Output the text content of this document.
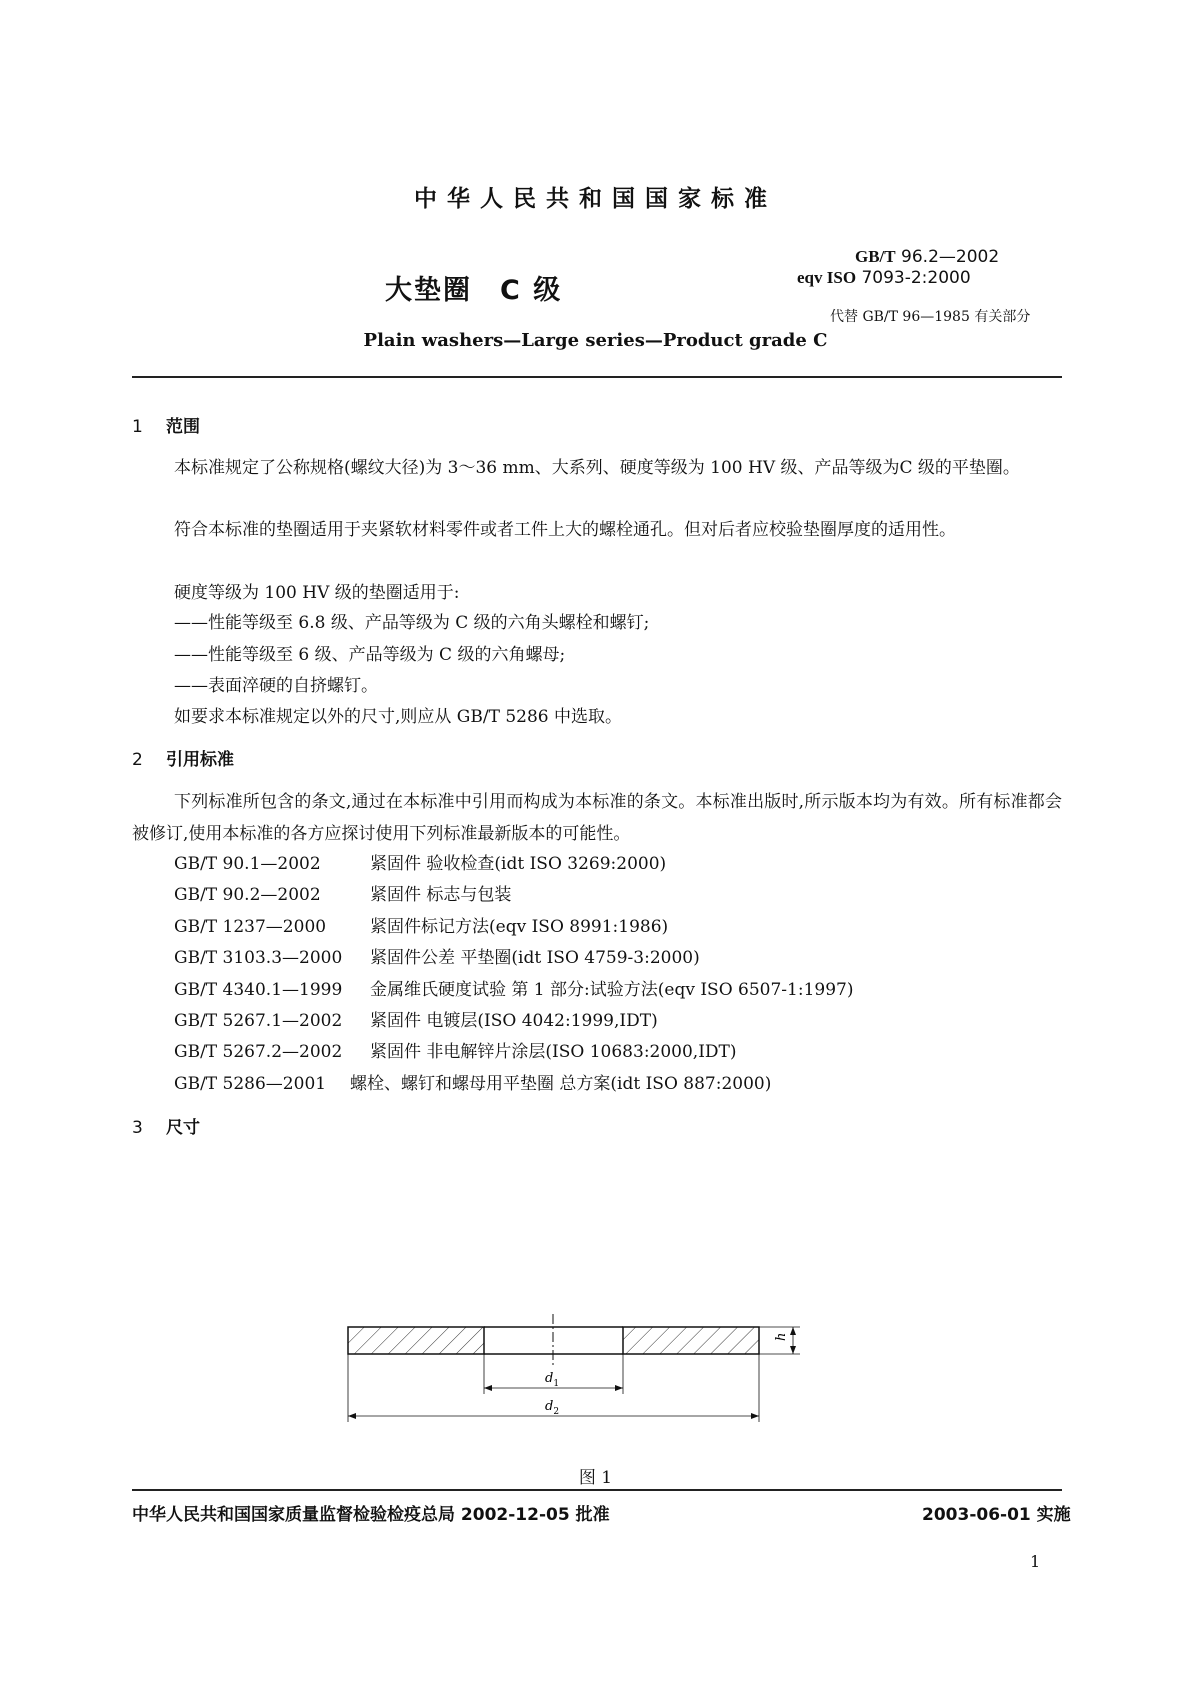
中华人民共和国国家标准
大垫圈 C 级
GB/T 96.2—2002
eqv ISO 7093-2:2000
代替 GB/T 96—1985 有关部分
Plain washers—Large series—Product grade C
1 范围
本标准规定了公称规格(螺纹大径)为 3～36 mm、大系列、硬度等级为 100 HV 级、产品等级为C 级的平垫圈。
符合本标准的垫圈适用于夹紧软材料零件或者工件上大的螺栓通孔。但对后者应校验垫圈厚度的适用性。
硬度等级为 100 HV 级的垫圈适用于:
——性能等级至 6.8 级、产品等级为 C 级的六角头螺栓和螺钉;
——性能等级至 6 级、产品等级为 C 级的六角螺母;
——表面淬硬的自挤螺钉。
如要求本标准规定以外的尺寸,则应从 GB/T 5286 中选取。
2 引用标准
下列标准所包含的条文,通过在本标准中引用而构成为本标准的条文。本标准出版时,所示版本均为有效。所有标准都会被修订,使用本标准的各方应探讨使用下列标准最新版本的可能性。
GB/T 90.1—2002	紧固件 验收检查(idt ISO 3269:2000)
GB/T 90.2—2002	紧固件 标志与包装
GB/T 1237—2000	紧固件标记方法(eqv ISO 8991:1986)
GB/T 3103.3—2000 紧固件公差 平垫圈(idt ISO 4759-3:2000)
GB/T 4340.1—1999 金属维氏硬度试验 第 1 部分:试验方法(eqv ISO 6507-1:1997)
GB/T 5267.1—2002 紧固件 电镀层(ISO 4042:1999,IDT)
GB/T 5267.2—2002 紧固件 非电解锌片涂层(ISO 10683:2000,IDT)
GB/T 5286—2001 螺栓、螺钉和螺母用平垫圈 总方案(idt ISO 887:2000)
3 尺寸
h
$d_1$
$d_2$
图 1
中华人民共和国国家质量监督检验检疫总局 2002-12-05 批准	2003-06-01 实施
1
